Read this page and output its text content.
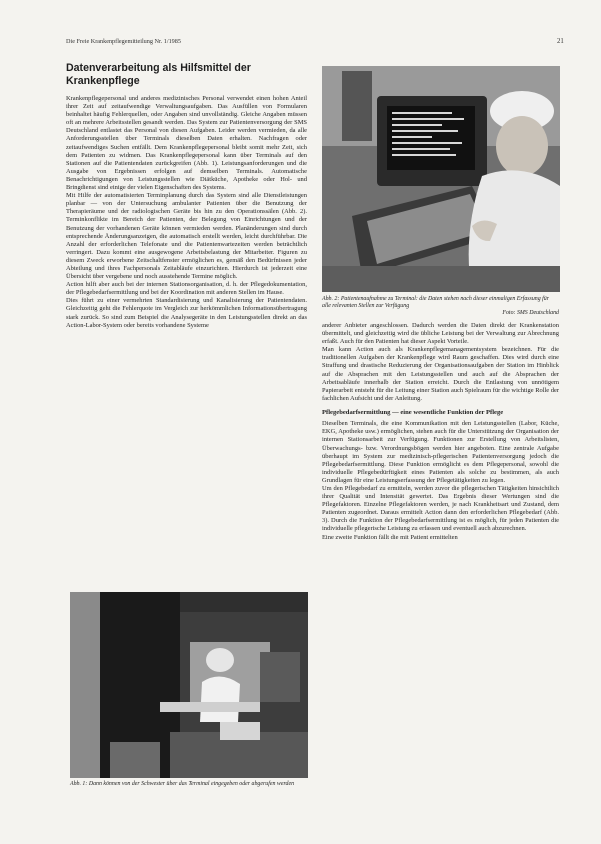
Die Freie Krankenpflegemitteilung Nr. 1/1985	21
Datenverarbeitung als Hilfsmittel der Krankenpflege

Krankenpflegepersonal und anderes medizinisches Personal verwendet einen hohen Anteil ihrer Zeit auf zeitaufwendige Verwaltungsaufgaben. Das Ausfüllen von Formularen beinhaltet häufig Fehlerquellen, oder Angaben sind unvollständig. Gleiche Angaben müssen oft an mehrere Arbeitsstellen gesandt werden. Das System zur Patientenversorgung der SMS Deutschland entlastet das Personal von diesen Aufgaben. Leider werden vermieden, da alle Anforderungsstellen über Terminals dieselben Daten erhalten. Nachfragen oder zeitaufwendiges Suchen entfällt. Dem Krankenpflegepersonal bleibt somit mehr Zeit, sich dem Patienten zu widmen. Das Krankenpflegepersonal kann über Terminals auf den Stationen auf die Patientendaten zurückgreifen (Abb. 1). Leistungsanforderungen und die Ausgabe von Ergebnissen erfolgen auf demselben Terminals. Automatische Benachrichtigungen von Leistungsstellen wie Diätküche, Apotheke oder Hol- und Bringdienst sind einige der vielen Eigenschaften des Systems.

Mit Hilfe der automatisierten Terminplanung durch das System sind alle Dienstleistungen planbar — von der Untersuchung ambulanter Patienten über die Benutzung der Therapieräume und der radiologischen Geräte bis hin zu den Operationssälen (Abb. 2). Terminkonflikte im Bereich der Patienten, der Belegung von Einrichtungen und der Benutzung der vorhandenen Geräte können vermieden werden. Planänderungen sind durch entsprechende Änderungsanzeigen, die automatisch erstellt werden, leicht durchführbar. Die Anzahl der erforderlichen Telefonate und die Patientenwartezeiten werden beträchtlich verringert. Dazu kommt eine ausgewogene Arbeitsbelastung der Mitarbeiter. Figuren zu diesem Zweck erworbene Zeitschaltfenster ermöglichen es, gemäß den Bedürfnissen jeder Abteilung und ihres Fachpersonals Zeitabläufe einzurichten. Hierdurch ist jederzeit eine Übersicht über vergebene und noch ausstehende Termine möglich.

Action hilft aber auch bei der internen Stationsorganisation, d. h. der Pflegedokumentation, der Pflegebedarfsermittlung und bei der Koordination mit anderen Stellen im Hause.

Dies führt zu einer vermehrten Standardisierung und Kanalisierung der Patientendaten. Gleichzeitig geht die Fehlerquote im Vergleich zur herkömmlichen Informationsübertragung stark zurück. So sind zum Beispiel die Analysegeräte in den Leistungsstellen direkt an das Action-Labor-System oder bereits vorhandene Systeme

Abb. 2: Patientenaufnahme zu Terminal: die Daten stehen nach dieser einmaligen Erfassung für alle relevanten Stellen zur Verfügung
Foto: SMS Deutschland

anderer Anbieter angeschlossen. Dadurch werden die Daten direkt der Krankenstation übermittelt, und gleichzeitig wird die übliche Leistung bei der Verwaltung zur Abrechnung erfaßt. Auch für den Patienten hat dieser Aspekt Vorteile.

Man kann Action auch als Krankenpflegemanagementsystem bezeichnen. Für die traditionellen Aufgaben der Krankenpflege wird Raum geschaffen. Dies wird durch eine Straffung und drastische Reduzierung der Organisationsaufgaben der Station im Hinblick auf die Absprachen mit den Leistungsstellen und auch auf die Absprachen der Arbeitsabläufe innerhalb der Station erreicht. Durch die Entlastung von unnötigem Papierarbeit entsteht für die Leitung einer Station auch Spielraum für die wichtige Rolle der fachlichen Aufsicht und der Anleitung.

Pflegebedarfsermittlung — eine wesentliche Funktion der Pflege

Dieselben Terminals, die eine Kommunikation mit den Leistungsstellen (Labor, Küche, EKG, Apotheke usw.) ermöglichen, stehen auch für die Unterstützung der Organisation der internen Stationsarbeit zur Verfügung. Funktionen zur Erstellung von Arbeitslisten, Überwachungs- bzw. Verordnungsbögen werden hier angeboten. Eine zentrale Aufgabe überhaupt im System zur medizinisch-pflegerischen Patientenversorgung jedoch die Pflegebedarfsermittlung. Diese Funktion ermöglicht es dem Pflegepersonal, sowohl die individuelle Pflegebedürftigkeit eines Patienten als solche zu bestimmen, als auch Grundlagen für eine Leistungserfassung der Pflegetätigkeiten zu legen.

Um den Pflegebedarf zu ermitteln, werden zuvor die pflegerischen Tätigkeiten hinsichtlich ihrer Qualität und Intensität gewertet. Das Ergebnis dieser Wertungen sind die Pflegefaktoren. Einzelne Pflegefaktoren werden, je nach Krankheitsart und Zustand, dem Patienten zugeordnet. Daraus ermittelt Action dann den erforderlichen Pflegebedarf (Abb. 3). Durch die Funktion der Pflegebedarfsermittlung ist es möglich, für jeden Patienten die individuelle pflegerische Leistung zu erfassen und eventuell auch abzurechnen.

Eine zweite Funktion fällt die mit Patient ermittelten

Abb. 1: Dann können von der Schwester über das Terminal eingegeben oder abgerufen werden
